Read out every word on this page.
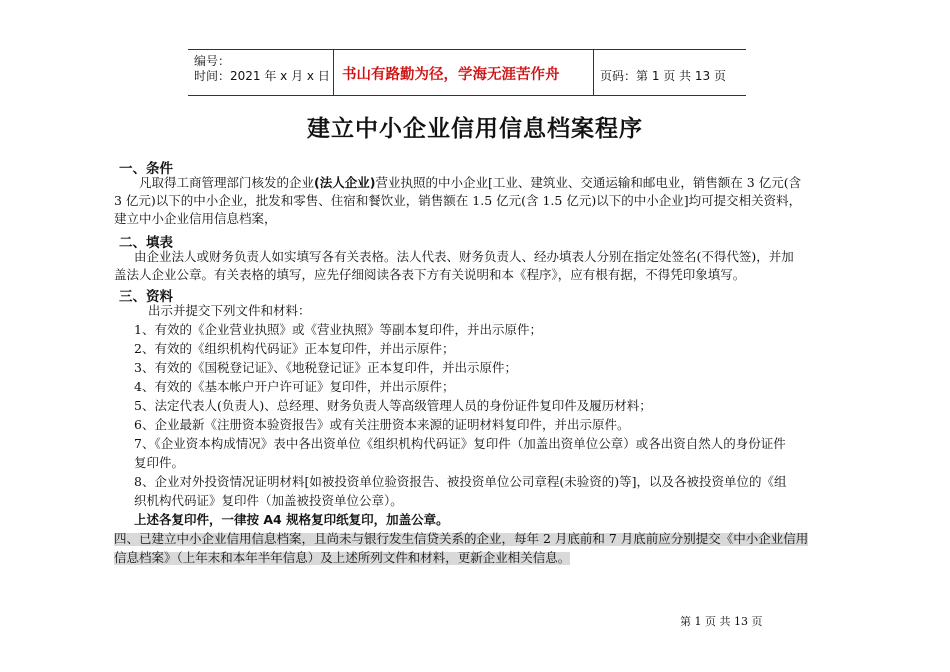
编号：
时间：2021 年 x 月 x 日 书山有路勤为径，学海无涯苦作舟	页码：第 1 页 共 13 页
建立中小企业信用信息档案程序
一、条件
凡取得工商管理部门核发的企业(法人企业)营业执照的中小企业[工业、建筑业、交通运输和邮电业，销售额在 3 亿元(含
3 亿元)以下的中小企业，批发和零售、住宿和餐饮业，销售额在 1.5 亿元(含 1.5 亿元)以下的中小企业]均可提交相关资料，
建立中小企业信用信息档案，
二、填表
由企业法人或财务负责人如实填写各有关表格。法人代表、财务负责人、经办填表人分别在指定处签名(不得代签)，并加
盖法人企业公章。有关表格的填写，应先仔细阅读各表下方有关说明和本《程序》，应有根有据，不得凭印象填写。
三、资料
出示并提交下列文件和材料：
1、有效的《企业营业执照》或《营业执照》等副本复印件，并出示原件；
2、有效的《组织机构代码证》正本复印件，并出示原件；
3、有效的《国税登记证》、《地税登记证》正本复印件，并出示原件；
4、有效的《基本帐户开户许可证》复印件，并出示原件；
5、法定代表人(负责人)、总经理、财务负责人等高级管理人员的身份证件复印件及履历材料；
6、企业最新《注册资本验资报告》或有关注册资本来源的证明材料复印件，并出示原件。
7、《企业资本构成情况》表中各出资单位《组织机构代码证》复印件（加盖出资单位公章）或各出资自然人的身份证件
复印件。
8、企业对外投资情况证明材料[如被投资单位验资报告、被投资单位公司章程(未验资的)等]，以及各被投资单位的《组
织机构代码证》复印件（加盖被投资单位公章）。
上述各复印件，一律按 A4 规格复印纸复印，加盖公章。
四、已建立中小企业信用信息档案，且尚未与银行发生信贷关系的企业，每年 2 月底前和 7 月底前应分别提交《中小企业信用
信息档案》（上年末和本年半年信息）及上述所列文件和材料，更新企业相关信息。
第 1 页 共 13 页
